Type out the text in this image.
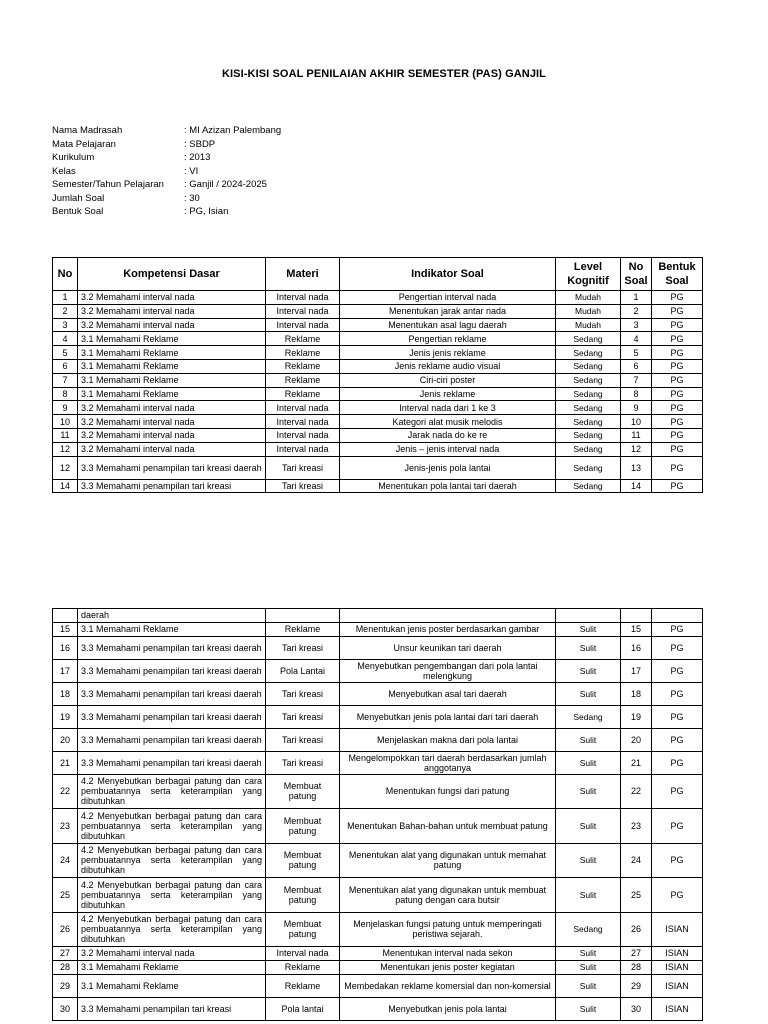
KISI-KISI SOAL PENILAIAN AKHIR SEMESTER (PAS) GANJIL
Nama Madrasah	: MI Azizan Palembang
Mata Pelajaran	: SBDP
Kurikulum	: 2013
Kelas	: VI
Semester/Tahun Pelajaran	: Ganjil / 2024-2025
Jumlah Soal	: 30
Bentuk Soal	: PG, Isian
No	Kompetensi Dasar	Materi	Indikator Soal	Level Kognitif	No Soal	Bentuk Soal
1	3.2 Memahami interval nada	Interval nada	Pengertian interval nada	Mudah	1	PG
2	3.2 Memahami interval nada	Interval nada	Menentukan jarak antar nada	Mudah	2	PG
3	3.2 Memahami interval nada	Interval nada	Menentukan asal lagu daerah	Mudah	3	PG
4	3.1 Memahami Reklame	Reklame	Pengertian reklame	Sedang	4	PG
5	3.1 Memahami Reklame	Reklame	Jenis jenis reklame	Sedang	5	PG
6	3.1 Memahami Reklame	Reklame	Jenis reklame audio visual	Sedang	6	PG
7	3.1 Memahami Reklame	Reklame	Ciri-ciri poster	Sedang	7	PG
8	3.1 Memahami Reklame	Reklame	Jenis reklame	Sedang	8	PG
9	3.2 Memahami interval nada	Interval nada	Interval nada dari 1 ke 3	Sedang	9	PG
10	3.2 Memahami interval nada	Interval nada	Kategori alat musik melodis	Sedang	10	PG
11	3.2 Memahami interval nada	Interval nada	Jarak nada do ke re	Sedang	11	PG
12	3.2 Memahami interval nada	Interval nada	Jenis – jenis interval nada	Sedang	12	PG
12	3.3 Memahami penampilan tari kreasi daerah	Tari kreasi	Jenis-jenis pola lantai	Sedang	13	PG
14	3.3 Memahami penampilan tari kreasi	Tari kreasi	Menentukan pola lantai tari daerah	Sedang	14	PG
	daerah					
15	3.1 Memahami Reklame	Reklame	Menentukan jenis poster berdasarkan gambar	Sulit	15	PG
16	3.3 Memahami penampilan tari kreasi daerah	Tari kreasi	Unsur keunikan tari daerah	Sulit	16	PG
17	3.3 Memahami penampilan tari kreasi daerah	Pola Lantai	Menyebutkan pengembangan dari pola lantai melengkung	Sulit	17	PG
18	3.3 Memahami penampilan tari kreasi daerah	Tari kreasi	Menyebutkan asal tari daerah	Sulit	18	PG
19	3.3 Memahami penampilan tari kreasi daerah	Tari kreasi	Menyebutkan jenis pola lantai dari tari daerah	Sedang	19	PG
20	3.3 Memahami penampilan tari kreasi daerah	Tari kreasi	Menjelaskan makna dari pola lantai	Sulit	20	PG
21	3.3 Memahami penampilan tari kreasi daerah	Tari kreasi	Mengelompokkan tari daerah berdasarkan jumlah anggotanya	Sulit	21	PG
22	4.2 Menyebutkan berbagai patung dan cara pembuatannya serta keterampilan yang dibutuhkan	Membuat patung	Menentukan fungsi dari patung	Sulit	22	PG
23	4.2 Menyebutkan berbagai patung dan cara pembuatannya serta keterampilan yang dibutuhkan	Membuat patung	Menentukan Bahan-bahan untuk membuat patung	Sulit	23	PG
24	4.2 Menyebutkan berbagai patung dan cara pembuatannya serta keterampilan yang dibutuhkan	Membuat patung	Menentukan alat yang digunakan untuk memahat patung	Sulit	24	PG
25	4.2 Menyebutkan berbagai patung dan cara pembuatannya serta keterampilan yang dibutuhkan	Membuat patung	Menentukan alat yang digunakan untuk membuat patung dengan cara butsir	Sulit	25	PG
26	4.2 Menyebutkan berbagai patung dan cara pembuatannya serta keterampilan yang dibutuhkan	Membuat patung	Menjelaskan fungsi patung untuk memperingati peristiwa sejarah.	Sedang	26	ISIAN
27	3.2 Memahami interval nada	Interval nada	Menentukan interval nada sekon	Sulit	27	ISIAN
28	3.1 Memahami Reklame	Reklame	Menentukan jenis poster kegiatan	Sulit	28	ISIAN
29	3.1 Memahami Reklame	Reklame	Membedakan reklame komersial dan non-komersial	Sulit	29	ISIAN
30	3.3 Memahami penampilan tari kreasi	Pola lantai	Menyebutkan jenis pola lantai	Sulit	30	ISIAN
